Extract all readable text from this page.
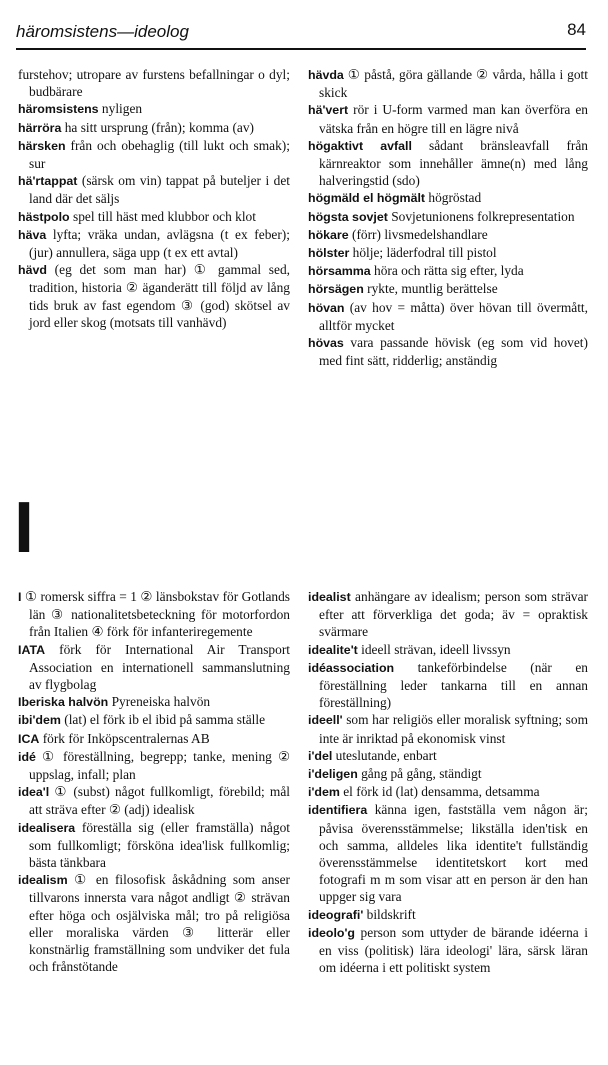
häromsistens—ideolog	84

furstehov; utropare av furstens befallningar o dyl; budbärare

häromsistens nyligen

härröra ha sitt ursprung (från); komma (av)

härsken från och obehaglig (till lukt och smak); sur

hä'rtappat (särsk om vin) tappat på buteljer i det land där det säljs

hästpolo spel till häst med klubbor och klot

häva lyfta; vräka undan, avlägsna (t ex feber); (jur) annullera, säga upp (t ex ett avtal)

hävd (eg det som man har) ① gammal sed, tradition, historia ② äganderätt till följd av lång tids bruk av fast egendom ③ (god) skötsel av jord eller skog (motsats till vanhävd)

hävda ① påstå, göra gällande ② vårda, hålla i gott skick

hä'vert rör i U-form varmed man kan överföra en vätska från en högre till en lägre nivå

högaktivt avfall sådant bränsleavfall från kärnreaktor som innehåller ämne(n) med lång halveringstid (sdo)

högmäld el högmält högröstad

högsta sovjet Sovjetunionens folkrepresentation

hökare (förr) livsmedelshandlare

hölster hölje; läderfodral till pistol

hörsamma höra och rätta sig efter, lyda

hörsägen rykte, muntlig berättelse

hövan (av hov = måtta) över hövan till övermått, alltför mycket

hövas vara passande hövisk (eg som vid hovet) med fint sätt, ridderlig; anständig

I

I ① romersk siffra = 1 ② länsbokstav för Gotlands län ③ nationalitetsbeteckning för motorfordon från Italien ④ förk för infanteriregemente

IATA förk för International Air Transport Association en internationell sammanslutning av flygbolag

Iberiska halvön Pyreneiska halvön

ibi'dem (lat) el förk ib el ibid på samma ställe

ICA förk för Inköpscentralernas AB

idé ① föreställning, begrepp; tanke, mening ② uppslag, infall; plan

idea'l ① (subst) något fullkomligt, förebild; mål att sträva efter ② (adj) idealisk

idealisera föreställa sig (eller framställa) något som fullkomligt; försköna idea'lisk fullkomlig; bästa tänkbara

idealism ① en filosofisk åskådning som anser tillvarons innersta vara något andligt ② strävan efter höga och osjälviska mål; tro på religiösa eller moraliska värden ③ litterär eller konstnärlig framställning som undviker det fula och frånstötande

idealist anhängare av idealism; person som strävar efter att förverkliga det goda; äv = opraktisk svärmare

idealite't ideell strävan, ideell livssyn

idéassociation tankeförbindelse (när en föreställning leder tankarna till en annan föreställning)

ideell' som har religiös eller moralisk syftning; som inte är inriktad på ekonomisk vinst

i'del uteslutande, enbart

i'deligen gång på gång, ständigt

i'dem el förk id (lat) densamma, detsamma

identifiera känna igen, fastställa vem någon är; påvisa överensstämmelse; likställa iden'tisk en och samma, alldeles lika identite't fullständig överensstämmelse identitetskort kort med fotografi m m som visar att en person är den han uppger sig vara

ideografi' bildskrift

ideolo'g person som uttyder de bärande idéerna i en viss (politisk) lära ideologi' lära, särsk läran om idéerna i ett politiskt system
